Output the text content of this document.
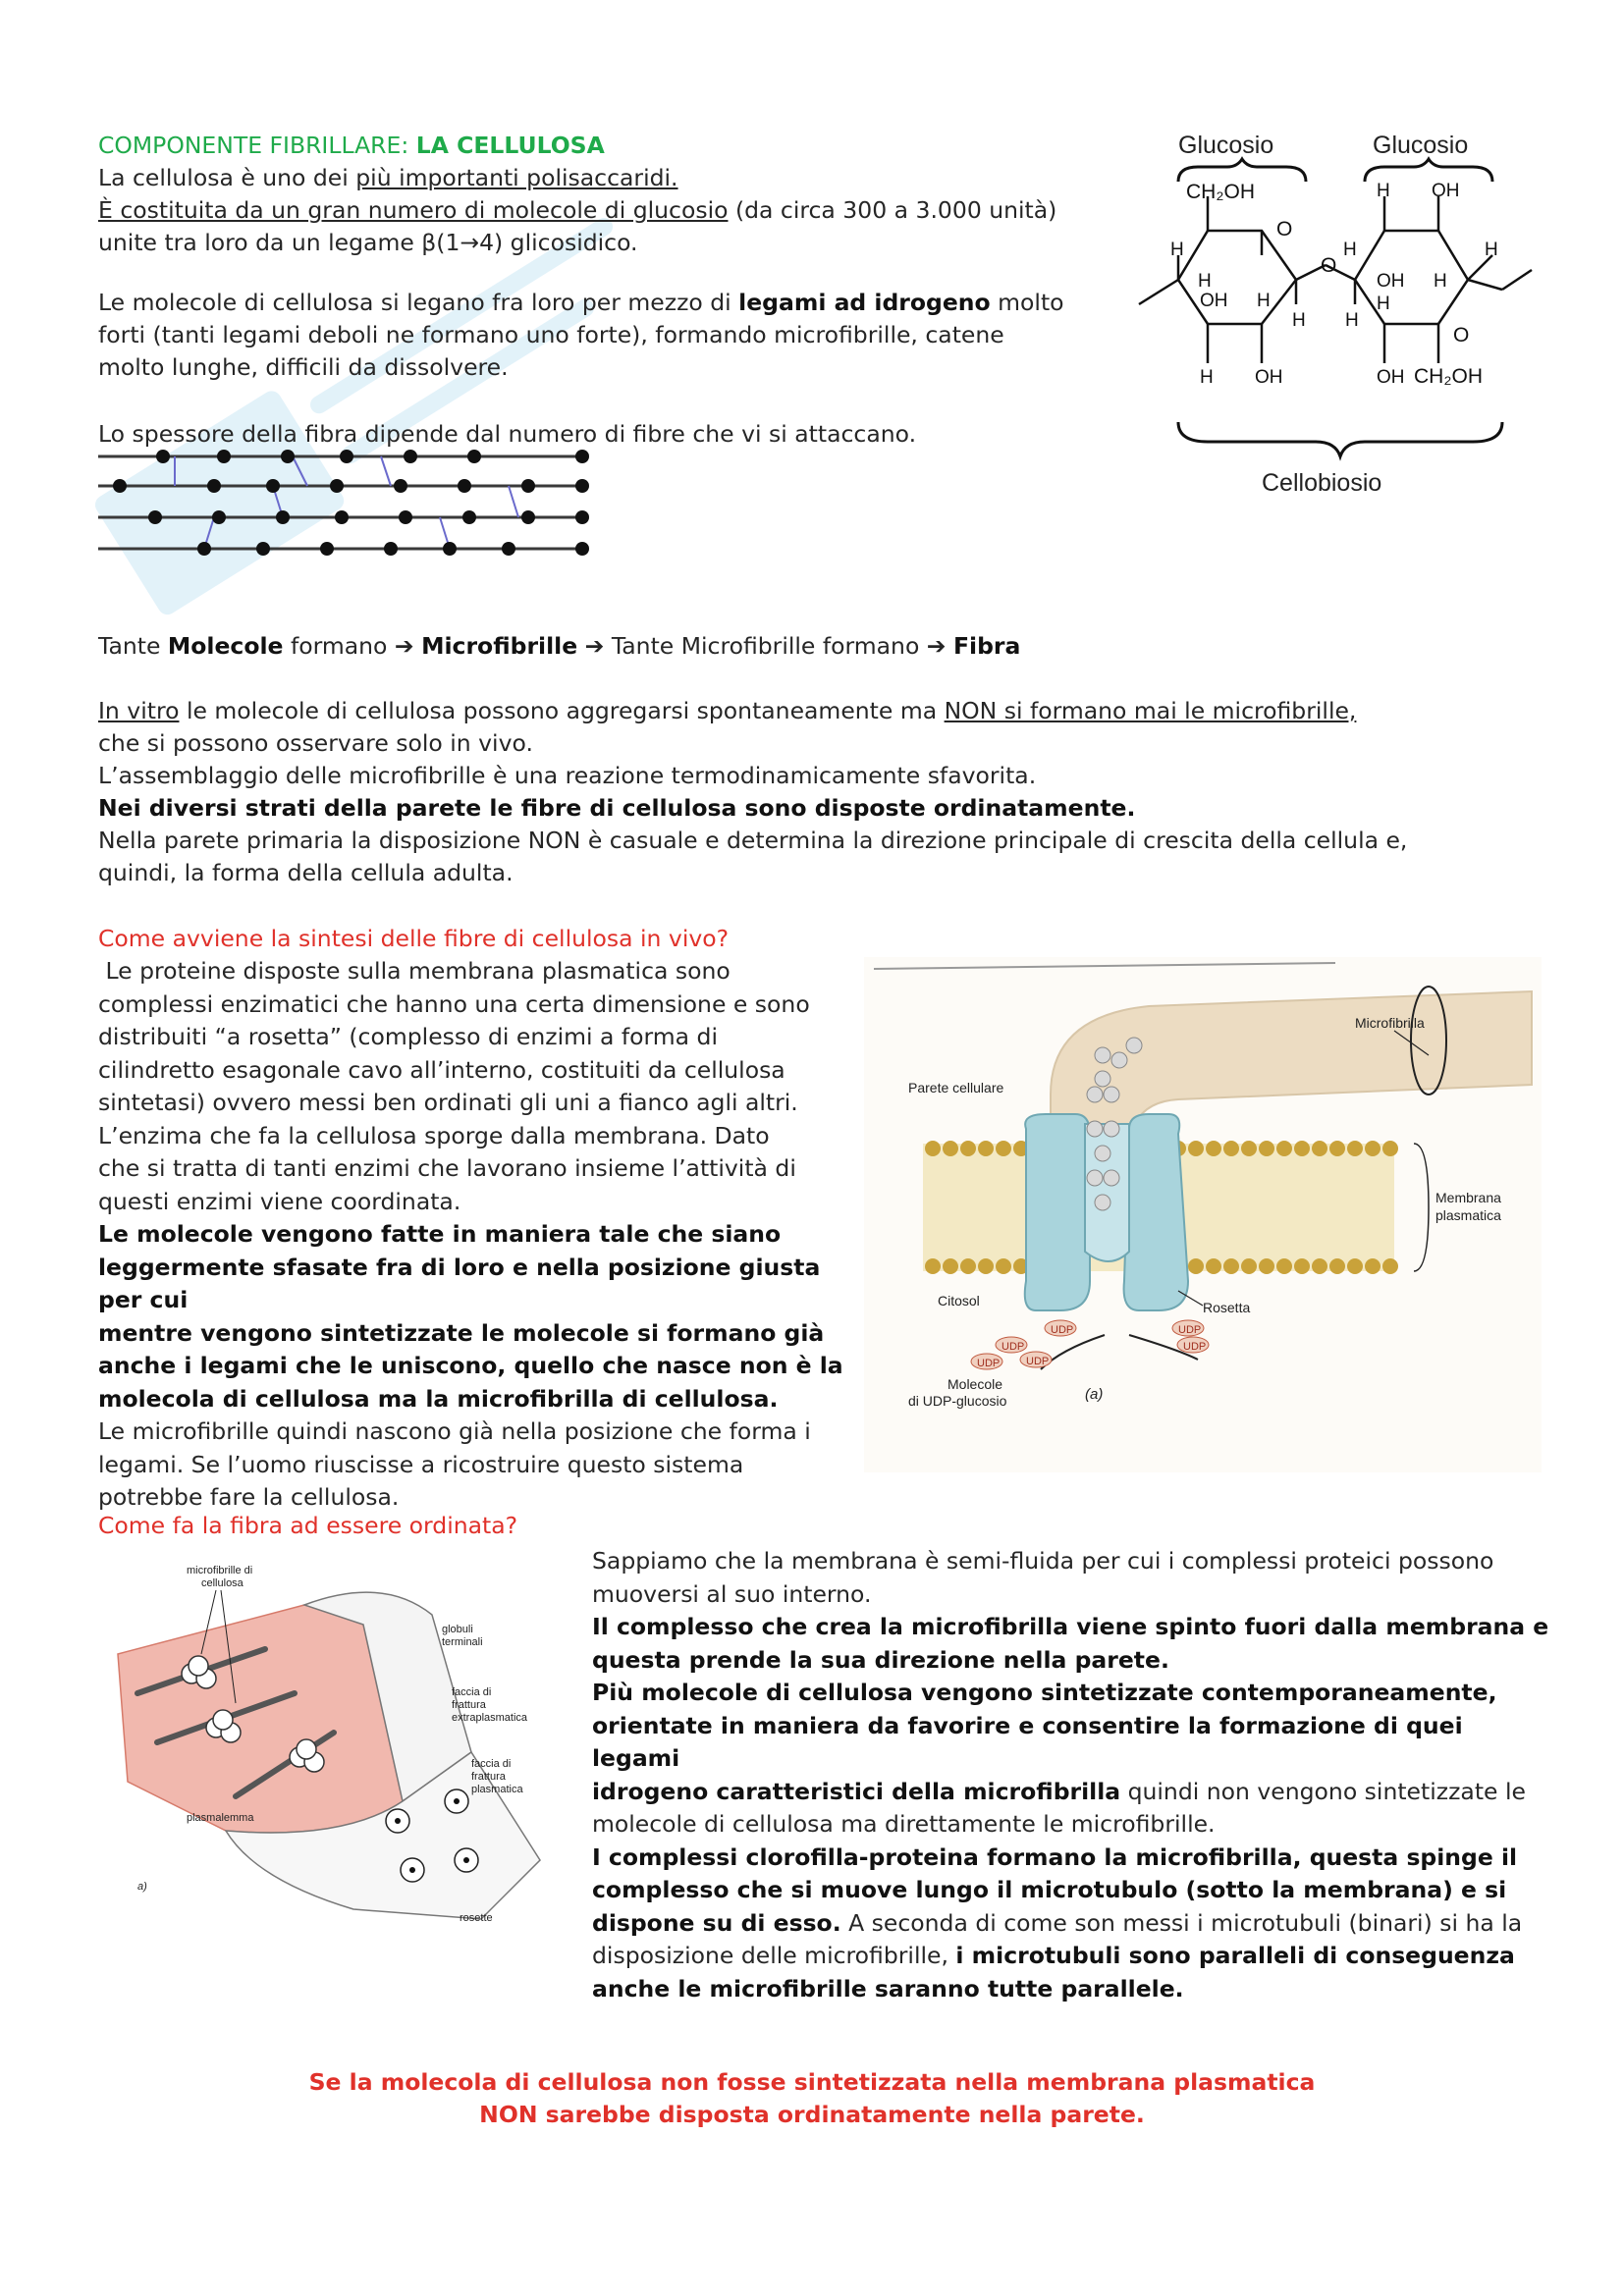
COMPONENTE FIBRILLARE: LA CELLULOSA
La cellulosa è uno dei più importanti polisaccaridi.
È costituita da un gran numero di molecole di glucosio (da circa 300 a 3.000 unità)
unite tra loro da un legame β(1→4) glicosidico.
Le molecole di cellulosa si legano fra loro per mezzo di legami ad idrogeno molto
forti (tanti legami deboli ne formano uno forte), formando microfibrille, catene
molto lunghe, difficili da dissolvere.
Lo spessore della fibra dipende dal numero di fibre che vi si attaccano.
Glucosio	Glucosio
CH₂OH
O
H
H
OH H
H
H OH
O
H OH
H
OH H
H
H
H
O
OH CH₂OH
Cellobiosio
Tante Molecole formano ➔ Microfibrille ➔ Tante Microfibrille formano ➔ Fibra
In vitro le molecole di cellulosa possono aggregarsi spontaneamente ma NON si formano mai le microfibrille,
che si possono osservare solo in vivo.
L’assemblaggio delle microfibrille è una reazione termodinamicamente sfavorita.
Nei diversi strati della parete le fibre di cellulosa sono disposte ordinatamente.
Nella parete primaria la disposizione NON è casuale e determina la direzione principale di crescita della cellula e,
quindi, la forma della cellula adulta.
Come avviene la sintesi delle fibre di cellulosa in vivo?
Le proteine disposte sulla membrana plasmatica sono
complessi enzimatici che hanno una certa dimensione e sono
distribuiti “a rosetta” (complesso di enzimi a forma di
cilindretto esagonale cavo all’interno, costituiti da cellulosa
sintetasi) ovvero messi ben ordinati gli uni a fianco agli altri.
L’enzima che fa la cellulosa sporge dalla membrana. Dato
che si tratta di tanti enzimi che lavorano insieme l’attività di
questi enzimi viene coordinata.
Le molecole vengono fatte in maniera tale che siano
leggermente sfasate fra di loro e nella posizione giusta per cui
mentre vengono sintetizzate le molecole si formano già
anche i legami che le uniscono, quello che nasce non è la
molecola di cellulosa ma la microfibrilla di cellulosa.
Le microfibrille quindi nascono già nella posizione che forma i
legami. Se l’uomo riuscisse a ricostruire questo sistema
potrebbe fare la cellulosa.
Microfibrilla
Parete cellulare
Membrana
plasmatica
Citosol	Rosetta
UDP
UDP
UDP UDP
UDP
UDP
Molecole
di UDP-glucosio	(a)
Come fa la fibra ad essere ordinata?
microfibrille di
cellulosa
globuli
terminali
faccia di
frattura
extraplasmatica
faccia di
frattura
plasmatica
plasmalemma
rosette
a)
Sappiamo che la membrana è semi-fluida per cui i complessi proteici possono
muoversi al suo interno.
Il complesso che crea la microfibrilla viene spinto fuori dalla membrana e
questa prende la sua direzione nella parete.
Più molecole di cellulosa vengono sintetizzate contemporaneamente,
orientate in maniera da favorire e consentire la formazione di quei legami
idrogeno caratteristici della microfibrilla quindi non vengono sintetizzate le
molecole di cellulosa ma direttamente le microfibrille.
I complessi clorofilla-proteina formano la microfibrilla, questa spinge il
complesso che si muove lungo il microtubulo (sotto la membrana) e si
dispone su di esso. A seconda di come son messi i microtubuli (binari) si ha la
disposizione delle microfibrille, i microtubuli sono paralleli di conseguenza
anche le microfibrille saranno tutte parallele.
Se la molecola di cellulosa non fosse sintetizzata nella membrana plasmatica
NON sarebbe disposta ordinatamente nella parete.
